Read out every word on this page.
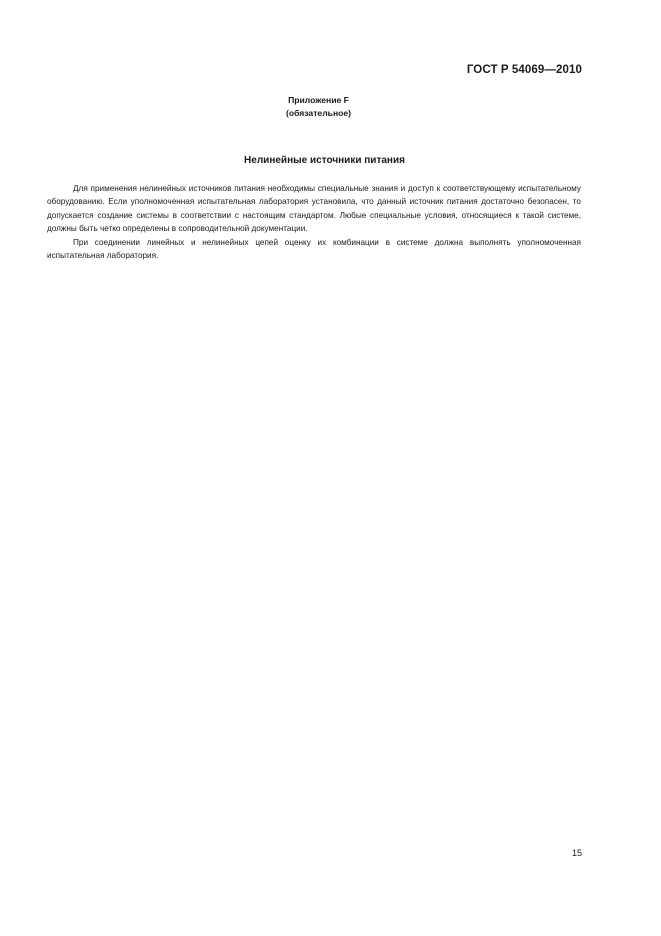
ГОСТ Р 54069—2010
Приложение F
(обязательное)
Нелинейные источники питания

Для применения нелинейных источников питания необходимы специальные знания и доступ к соответствующему испытательному оборудованию. Если уполномоченная испытательная лаборатория установила, что данный источник питания достаточно безопасен, то допускается создание системы в соответствии с настоящим стандартом. Любые специальные условия, относящиеся к такой системе, должны быть четко определены в сопроводительной документации.

При соединении линейных и нелинейных цепей оценку их комбинации в системе должна выполнять уполномоченная испытательная лаборатория.

15
